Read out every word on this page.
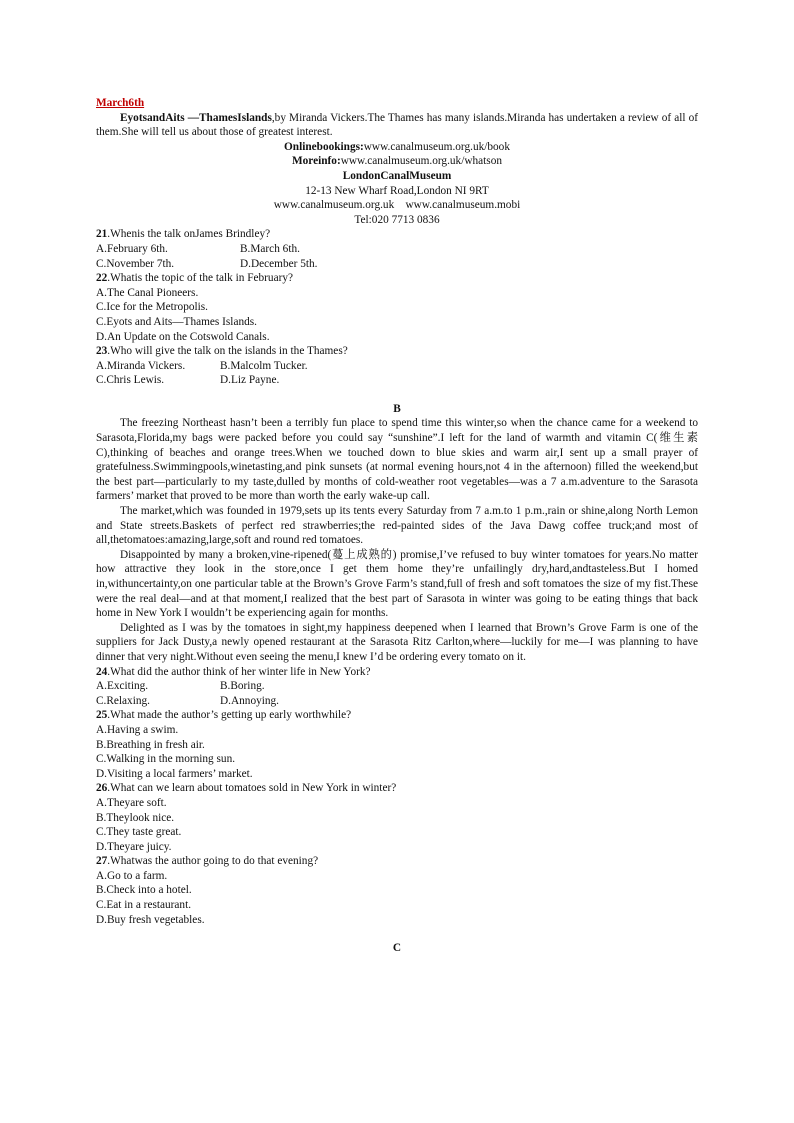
March6th

EyotsandAits —ThamesIslands,by Miranda Vickers.The Thames has many islands.Miranda has undertaken a review of all of them.She will tell us about those of greatest interest.

Onlinebookings:www.canalmuseum.org.uk/book

Moreinfo:www.canalmuseum.org.uk/whatson

LondonCanalMuseum

12-13 New Wharf Road,London NI 9RT

www.canalmuseum.org.uk    www.canalmuseum.mobi

Tel:020 7713 0836

21.Whenis the talk onJames Brindley?

A.February 6th.	B.March 6th.
C.November 7th.	D.December 5th.

22.Whatis the topic of the talk in February?

A.The Canal Pioneers.

C.Ice for the Metropolis.

C.Eyots and Aits—Thames Islands.

D.An Update on the Cotswold Canals.

23.Who will give the talk on the islands in the Thames?

A.Miranda Vickers.	B.Malcolm Tucker.
C.Chris Lewis.	D.Liz Payne.

B

The freezing Northeast hasn’t been a terribly fun place to spend time this winter,so when the chance came for a weekend to Sarasota,Florida,my bags were packed before you could say “sunshine”.I left for the land of warmth and vitamin C(维生素C),thinking of beaches and orange trees.When we touched down to blue skies and warm air,I sent up a small prayer of gratefulness.Swimmingpools,winetasting,and pink sunsets (at normal evening hours,not 4 in the afternoon) filled the weekend,but the best part—particularly to my taste,dulled by months of cold-weather root vegetables—was a 7 a.m.adventure to the Sarasota farmers’ market that proved to be more than worth the early wake-up call.

The market,which was founded in 1979,sets up its tents every Saturday from 7 a.m.to 1 p.m.,rain or shine,along North Lemon and State streets.Baskets of perfect red strawberries;the red-painted sides of the Java Dawg coffee truck;and most of all,thetomatoes:amazing,large,soft and round red tomatoes.

Disappointed by many a broken,vine-ripened(蔓上成熟的) promise,I’ve refused to buy winter tomatoes for years.No matter how attractive they look in the store,once I get them home they’re unfailingly dry,hard,andtasteless.But I homed in,withuncertainty,on one particular table at the Brown’s Grove Farm’s stand,full of fresh and soft tomatoes the size of my fist.These were the real deal—and at that moment,I realized that the best part of Sarasota in winter was going to be eating things that back home in New York I wouldn’t be experiencing again for months.

Delighted as I was by the tomatoes in sight,my happiness deepened when I learned that Brown’s Grove Farm is one of the suppliers for Jack Dusty,a newly opened restaurant at the Sarasota Ritz Carlton,where—luckily for me—I was planning to have dinner that very night.Without even seeing the menu,I knew I’d be ordering every tomato on it.

24.What did the author think of her winter life in New York?

A.Exciting.	B.Boring.
C.Relaxing.	D.Annoying.

25.What made the author’s getting up early worthwhile?

A.Having a swim.

B.Breathing in fresh air.

C.Walking in the morning sun.

D.Visiting a local farmers’ market.

26.What can we learn about tomatoes sold in New York in winter?

A.Theyare soft.

B.Theylook nice.

C.They taste great.

D.Theyare juicy.

27.Whatwas the author going to do that evening?

A.Go to a farm.

B.Check into a hotel.

C.Eat in a restaurant.

D.Buy fresh vegetables.

C
